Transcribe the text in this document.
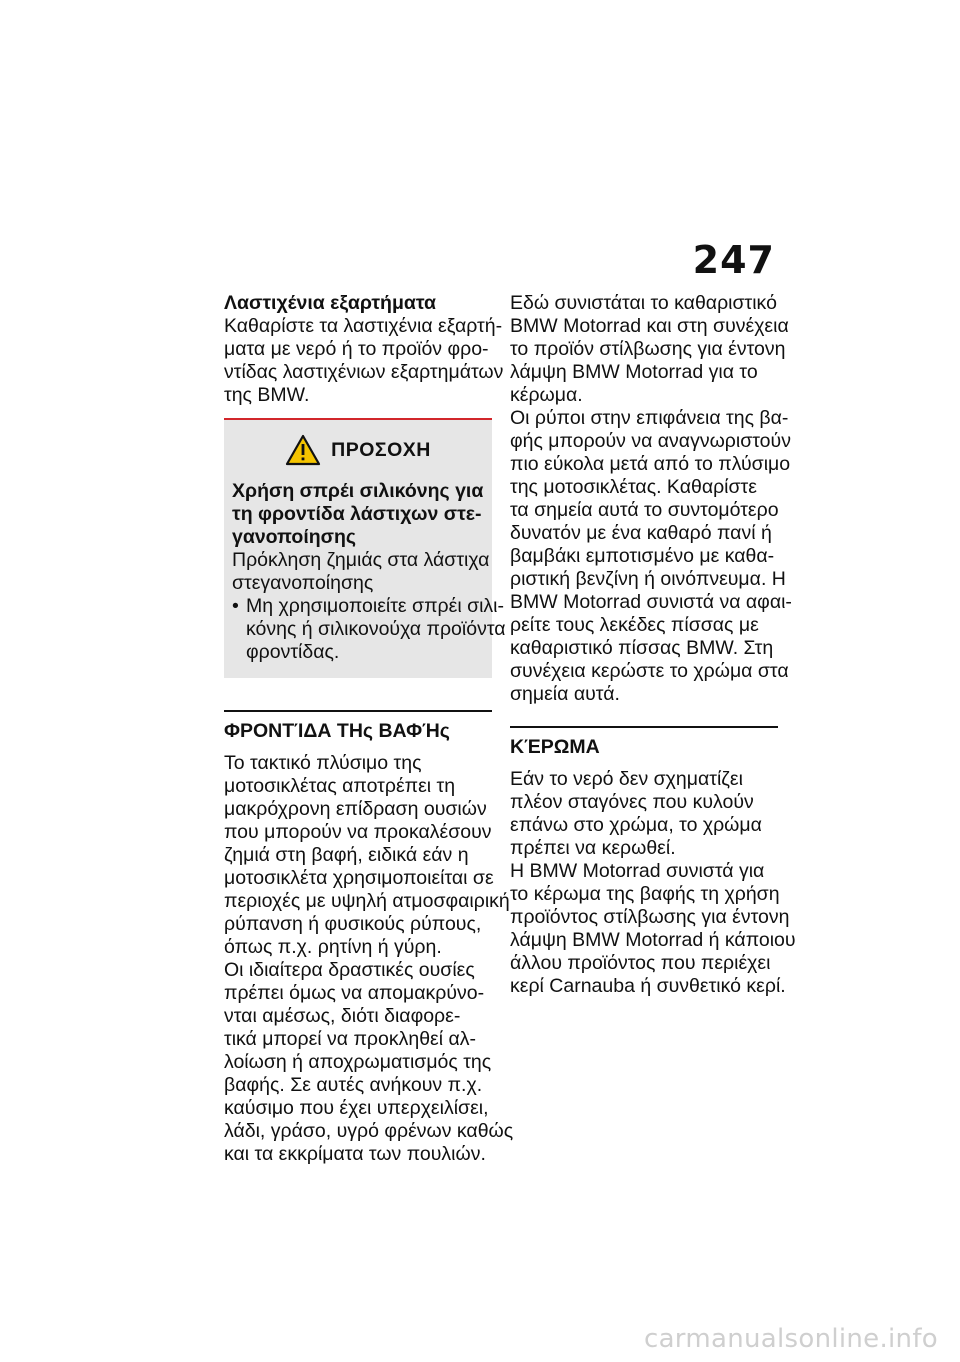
247

Λαστιχένια εξαρτήματα

Καθαρίστε τα λαστιχένια εξαρτή-
ματα με νερό ή το προϊόν φρο-
ντίδας λαστιχένιων εξαρτημάτων
της BMW.

ΠΡΟΣΟΧΗ

Χρήση σπρέι σιλικόνης για
τη φροντίδα λάστιχων στε-
γανοποίησης

Πρόκληση ζημιάς στα λάστιχα
στεγανοποίησης

• Μη χρησιμοποιείτε σπρέι σιλι-
κόνης ή σιλικονούχα προϊόντα
φροντίδας.

ΦΡΟΝΤΊΔΑ ΤΗς ΒΑΦΉς

Το τακτικό πλύσιμο της
μοτοσικλέτας αποτρέπει τη
μακρόχρονη επίδραση ουσιών
που μπορούν να προκαλέσουν
ζημιά στη βαφή, ειδικά εάν η
μοτοσικλέτα χρησιμοποιείται σε
περιοχές με υψηλή ατμοσφαιρική
ρύπανση ή φυσικούς ρύπους,
όπως π.χ. ρητίνη ή γύρη.
Οι ιδιαίτερα δραστικές ουσίες
πρέπει όμως να απομακρύνο-
νται αμέσως, διότι διαφορε-
τικά μπορεί να προκληθεί αλ-
λοίωση ή αποχρωματισμός της
βαφής. Σε αυτές ανήκουν π.χ.
καύσιμο που έχει υπερχειλίσει,
λάδι, γράσο, υγρό φρένων καθώς
και τα εκκρίματα των πουλιών.

Εδώ συνιστάται το καθαριστικό
BMW Motorrad και στη συνέχεια
το προϊόν στίλβωσης για έντονη
λάμψη BMW Motorrad για το
κέρωμα.
Οι ρύποι στην επιφάνεια της βα-
φής μπορούν να αναγνωριστούν
πιο εύκολα μετά από το πλύσιμο
της μοτοσικλέτας. Καθαρίστε
τα σημεία αυτά το συντομότερο
δυνατόν με ένα καθαρό πανί ή
βαμβάκι εμποτισμένο με καθα-
ριστική βενζίνη ή οινόπνευμα. Η
BMW Motorrad συνιστά να αφαι-
ρείτε τους λεκέδες πίσσας με
καθαριστικό πίσσας BMW. Στη
συνέχεια κερώστε το χρώμα στα
σημεία αυτά.

ΚΈΡΩΜΑ

Εάν το νερό δεν σχηματίζει
πλέον σταγόνες που κυλούν
επάνω στο χρώμα, το χρώμα
πρέπει να κερωθεί.
Η BMW Motorrad συνιστά για
το κέρωμα της βαφής τη χρήση
προϊόντος στίλβωσης για έντονη
λάμψη BMW Motorrad ή κάποιου
άλλου προϊόντος που περιέχει
κερί Carnauba ή συνθετικό κερί.

carmanualsonline.info
